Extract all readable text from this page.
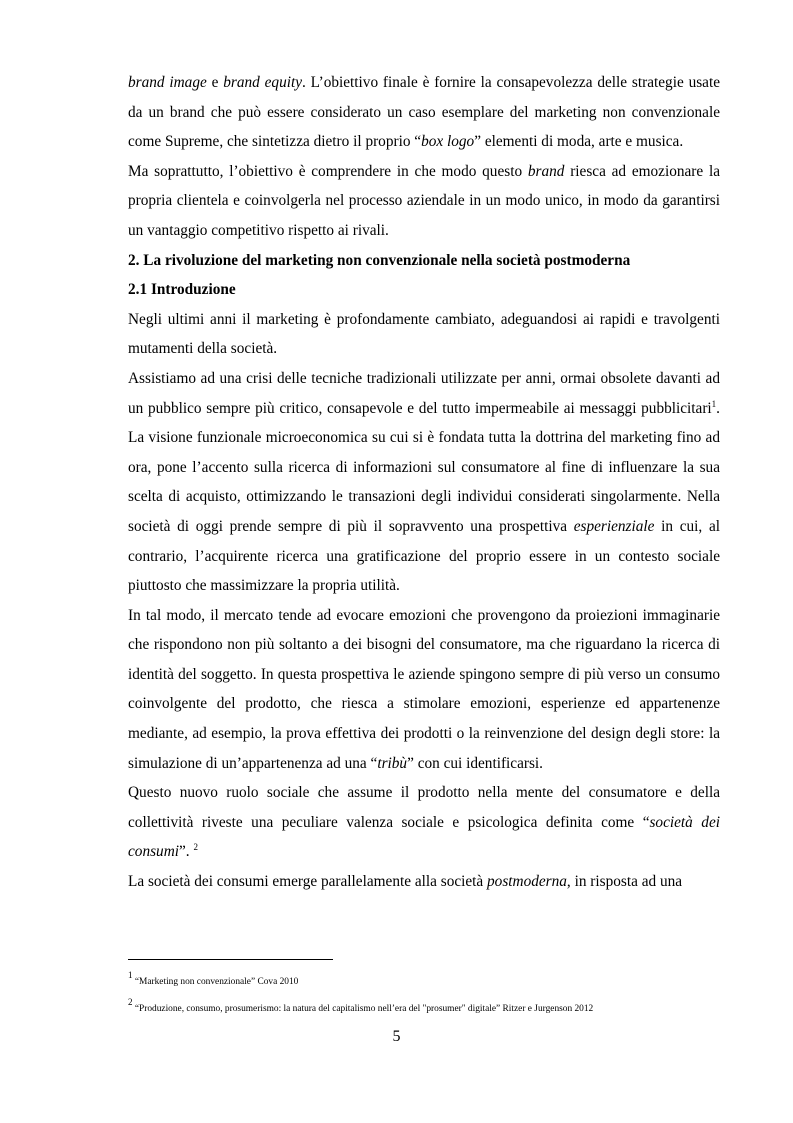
brand image e brand equity. L’obiettivo finale è fornire la consapevolezza delle strategie usate da un brand che può essere considerato un caso esemplare del marketing non convenzionale come Supreme, che sintetizza dietro il proprio “box logo” elementi di moda, arte e musica.

Ma soprattutto, l’obiettivo è comprendere in che modo questo brand riesca ad emozionare la propria clientela e coinvolgerla nel processo aziendale in un modo unico, in modo da garantirsi un vantaggio competitivo rispetto ai rivali.

2. La rivoluzione del marketing non convenzionale nella società postmoderna

2.1 Introduzione

Negli ultimi anni il marketing è profondamente cambiato, adeguandosi ai rapidi e travolgenti mutamenti della società.

Assistiamo ad una crisi delle tecniche tradizionali utilizzate per anni, ormai obsolete davanti ad un pubblico sempre più critico, consapevole e del tutto impermeabile ai messaggi pubblicitari$^1$. La visione funzionale microeconomica su cui si è fondata tutta la dottrina del marketing fino ad ora, pone l’accento sulla ricerca di informazioni sul consumatore al fine di influenzare la sua scelta di acquisto, ottimizzando le transazioni degli individui considerati singolarmente. Nella società di oggi prende sempre di più il sopravvento una prospettiva esperienziale in cui, al contrario, l’acquirente ricerca una gratificazione del proprio essere in un contesto sociale piuttosto che massimizzare la propria utilità.

In tal modo, il mercato tende ad evocare emozioni che provengono da proiezioni immaginarie che rispondono non più soltanto a dei bisogni del consumatore, ma che riguardano la ricerca di identità del soggetto. In questa prospettiva le aziende spingono sempre di più verso un consumo coinvolgente del prodotto, che riesca a stimolare emozioni, esperienze ed appartenenze mediante, ad esempio, la prova effettiva dei prodotti o la reinvenzione del design degli store: la simulazione di un’appartenenza ad una “tribù” con cui identificarsi.

Questo nuovo ruolo sociale che assume il prodotto nella mente del consumatore e della collettività riveste una peculiare valenza sociale e psicologica definita come “società dei consumi”. $^2$

La società dei consumi emerge parallelamente alla società postmoderna, in risposta ad una

$^1$ “Marketing non convenzionale” Cova 2010
$^2$ “Produzione, consumo, prosumerismo: la natura del capitalismo nell’era del "prosumer" digitale” Ritzer e Jurgenson 2012
5
